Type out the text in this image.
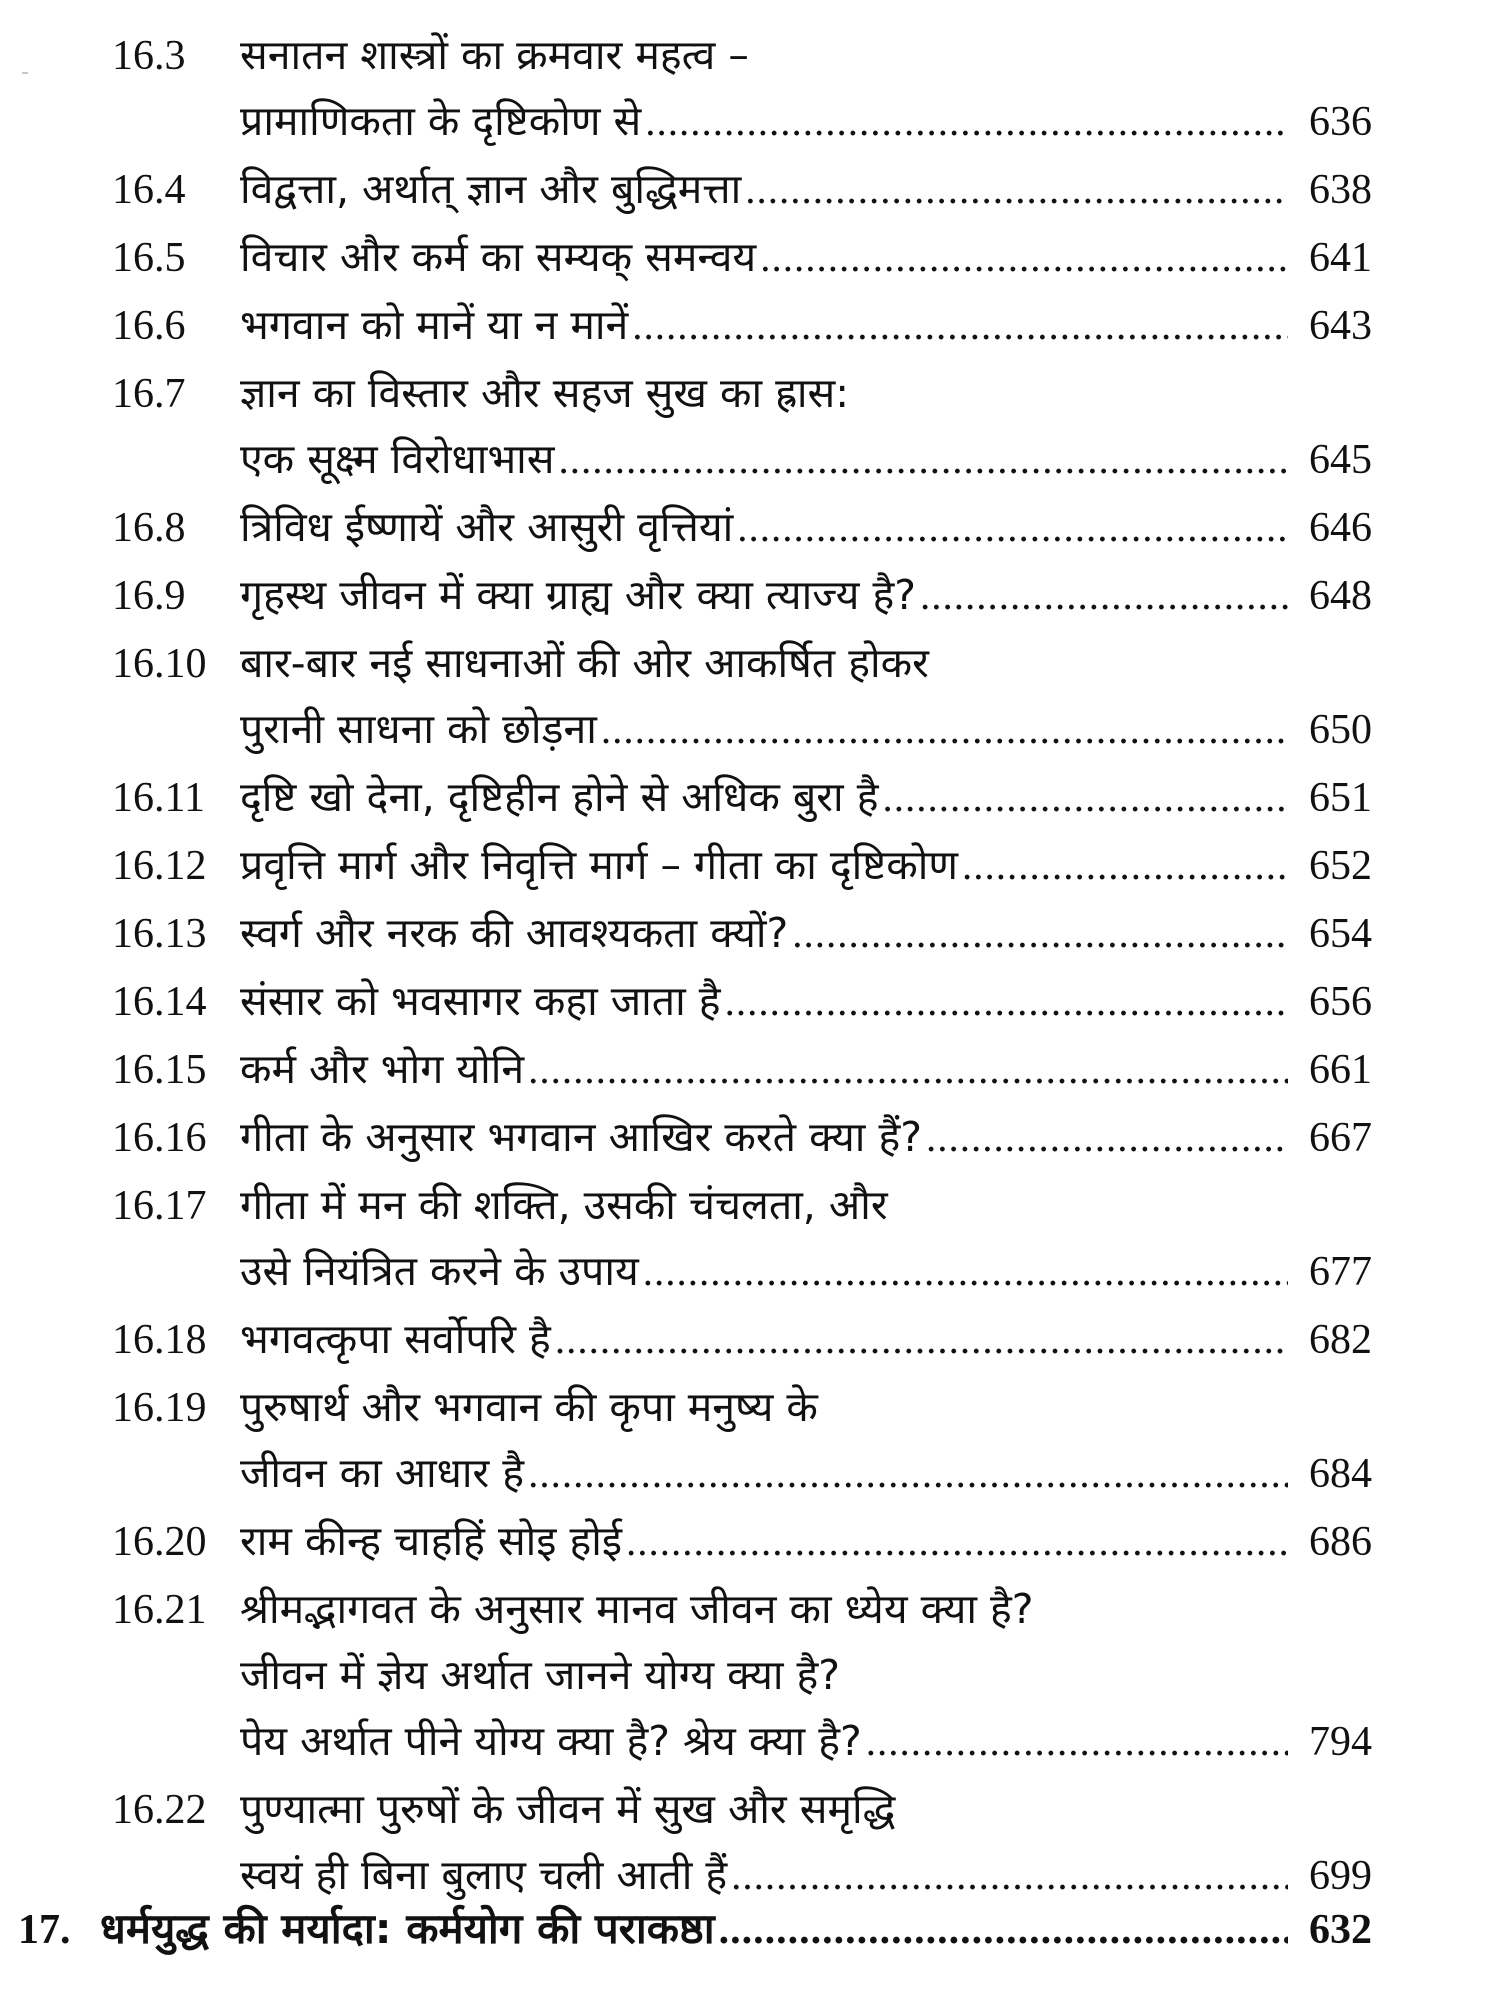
16.3	सनातन शास्त्रों का क्रमवार महत्व –
प्रामाणिकता के दृष्टिकोण से .....	636
16.4	विद्वत्ता, अर्थात् ज्ञान और बुद्धिमत्ता .....	638
16.5	विचार और कर्म का सम्यक् समन्वय .....	641
16.6	भगवान को मानें या न मानें .....	643
16.7	ज्ञान का विस्तार और सहज सुख का ह्रास:
एक सूक्ष्म विरोधाभास .....	645
16.8	त्रिविध ईष्णायें और आसुरी वृत्तियां .....	646
16.9	गृहस्थ जीवन में क्या ग्राह्य और क्या त्याज्य है? .....	648
16.10 बार-बार नई साधनाओं की ओर आकर्षित होकर
पुरानी साधना को छोड़ना .....	650
16.11 दृष्टि खो देना, दृष्टिहीन होने से अधिक बुरा है .....	651
16.12 प्रवृत्ति मार्ग और निवृत्ति मार्ग – गीता का दृष्टिकोण .....	652
16.13 स्वर्ग और नरक की आवश्यकता क्यों? .....	654
16.14 संसार को भवसागर कहा जाता है .....	656
16.15 कर्म और भोग योनि .....	661
16.16 गीता के अनुसार भगवान आखिर करते क्या हैं? .....	667
16.17 गीता में मन की शक्ति, उसकी चंचलता, और
उसे नियंत्रित करने के उपाय .....	677
16.18 भगवत्कृपा सर्वोपरि है .....	682
16.19 पुरुषार्थ और भगवान की कृपा मनुष्य के
जीवन का आधार है .....	684
16.20 राम कीन्ह चाहहिं सोइ होई .....	686
16.21 श्रीमद्भागवत के अनुसार मानव जीवन का ध्येय क्या है?
जीवन में ज्ञेय अर्थात जानने योग्य क्या है?
पेय अर्थात पीने योग्य क्या है? श्रेय क्या है? .....	794
16.22 पुण्यात्मा पुरुषों के जीवन में सुख और समृद्धि
स्वयं ही बिना बुलाए चली आती हैं .....	699
17. धर्मयुद्ध की मर्यादा: कर्मयोग की पराकष्ठा .....	632
